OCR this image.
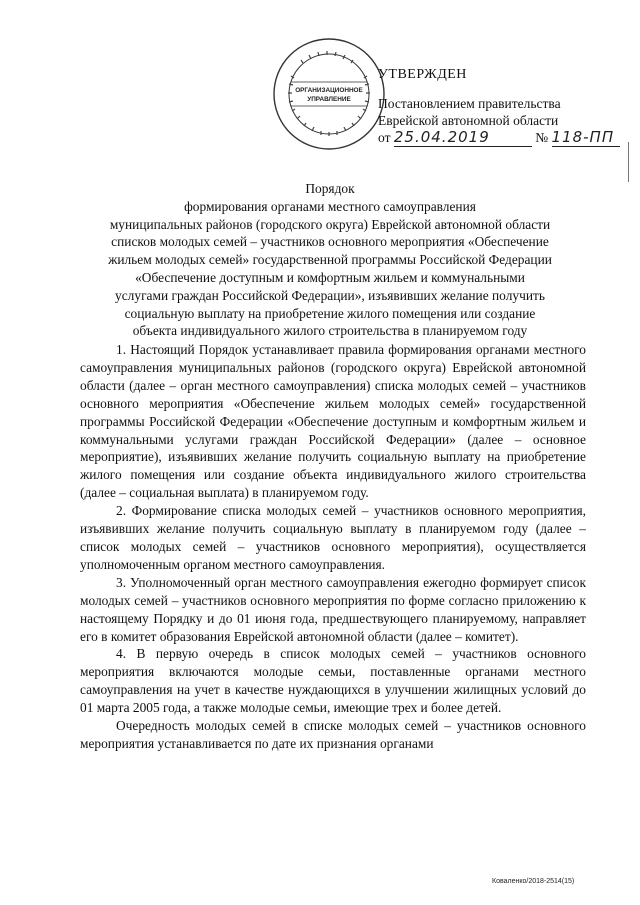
ОРГАНИЗАЦИОННОЕ
УПРАВЛЕНИЕ
УТВЕРЖДЕН
Постановлением правительства
Еврейской автономной области
от 25.04.2019	№ 118-ПП
Порядок
формирования органами местного самоуправления
муниципальных районов (городского округа) Еврейской автономной области
списков молодых семей – участников основного мероприятия «Обеспечение
жильем молодых семей» государственной программы Российской Федерации
«Обеспечение доступным и комфортным жильем и коммунальными
услугами граждан Российской Федерации», изъявивших желание получить
социальную выплату на приобретение жилого помещения или создание
объекта индивидуального жилого строительства в планируемом году

1. Настоящий Порядок устанавливает правила формирования органами местного самоуправления муниципальных районов (городского округа) Еврейской автономной области (далее – орган местного самоуправления) списка молодых семей – участников основного мероприятия «Обеспечение жильем молодых семей» государственной программы Российской Федерации «Обеспечение доступным и комфортным жильем и коммунальными услугами граждан Российской Федерации» (далее – основное мероприятие), изъявивших желание получить социальную выплату на приобретение жилого помещения или создание объекта индивидуального жилого строительства (далее – социальная выплата) в планируемом году.

2. Формирование списка молодых семей – участников основного мероприятия, изъявивших желание получить социальную выплату в планируемом году (далее – список молодых семей – участников основного мероприятия), осуществляется уполномоченным органом местного самоуправления.

3. Уполномоченный орган местного самоуправления ежегодно формирует список молодых семей – участников основного мероприятия по форме согласно приложению к настоящему Порядку и до 01 июня года, предшествующего планируемому, направляет его в комитет образования Еврейской автономной области (далее – комитет).

4. В первую очередь в список молодых семей – участников основного мероприятия включаются молодые семьи, поставленные органами местного самоуправления на учет в качестве нуждающихся в улучшении жилищных условий до 01 марта 2005 года, а также молодые семьи, имеющие трех и более детей.

Очередность молодых семей в списке молодых семей – участников основного мероприятия устанавливается по дате их признания органами

Коваленко/2018-2514(15)
